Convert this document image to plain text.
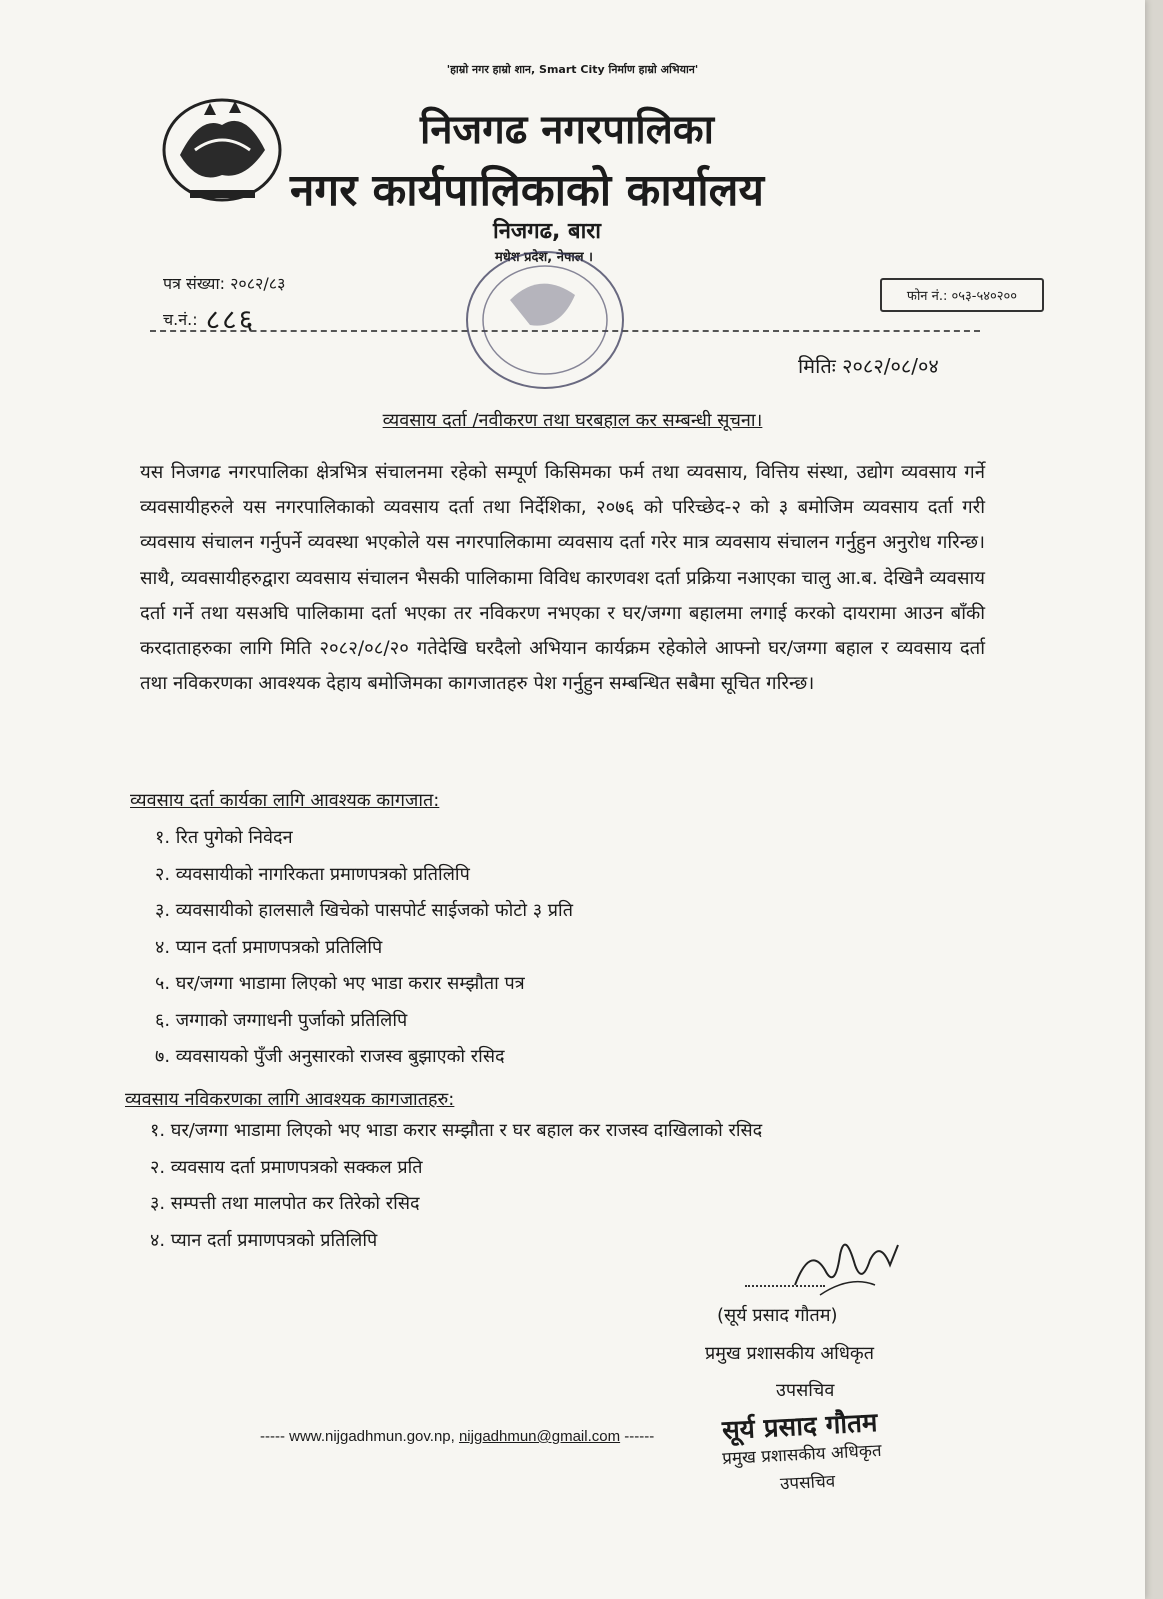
'हाम्रो नगर हाम्रो शान, Smart City निर्माण हाम्रो अभियान'
निजगढ नगरपालिका
नगर कार्यपालिकाको कार्यालय
निजगढ, बारा
मधेश प्रदेश, नेपाल ।
पत्र संख्या: २०८२/८३
च.नं.: ८८६
फोन नं.: ०५३-५४०२००
मितिः २०८२/०८/०४
व्यवसाय दर्ता /नवीकरण तथा घरबहाल कर सम्बन्धी सूचना।
यस निजगढ नगरपालिका क्षेत्रभित्र संचालनमा रहेको सम्पूर्ण किसिमका फर्म तथा व्यवसाय, वित्तिय संस्था, उद्योग व्यवसाय गर्ने व्यवसायीहरुले यस नगरपालिकाको व्यवसाय दर्ता तथा निर्देशिका, २०७६ को परिच्छेद-२ को ३ बमोजिम व्यवसाय दर्ता गरी व्यवसाय संचालन गर्नुपर्ने व्यवस्था भएकोले यस नगरपालिकामा व्यवसाय दर्ता गरेर मात्र व्यवसाय संचालन गर्नुहुन अनुरोध गरिन्छ। साथै, व्यवसायीहरुद्वारा व्यवसाय संचालन भैसकी पालिकामा विविध कारणवश दर्ता प्रक्रिया नआएका चालु आ.ब. देखिनै व्यवसाय दर्ता गर्ने तथा यसअघि पालिकामा दर्ता भएका तर नविकरण नभएका र घर/जग्गा बहालमा लगाई करको दायरामा आउन बाँकी करदाताहरुका लागि मिति २०८२/०८/२० गतेदेखि घरदैलो अभियान कार्यक्रम रहेकोले आफ्नो घर/जग्गा बहाल र व्यवसाय दर्ता तथा नविकरणका आवश्यक देहाय बमोजिमका कागजातहरु पेश गर्नुहुन सम्बन्धित सबैमा सूचित गरिन्छ।
व्यवसाय दर्ता कार्यका लागि आवश्यक कागजात:
१. रित पुगेको निवेदन
२. व्यवसायीको नागरिकता प्रमाणपत्रको प्रतिलिपि
३. व्यवसायीको हालसालै खिचेको पासपोर्ट साईजको फोटो ३ प्रति
४. प्यान दर्ता प्रमाणपत्रको प्रतिलिपि
५. घर/जग्गा भाडामा लिएको भए भाडा करार सम्झौता पत्र
६. जग्गाको जग्गाधनी पुर्जाको प्रतिलिपि
७. व्यवसायको पुँजी अनुसारको राजस्व बुझाएको रसिद
व्यवसाय नविकरणका लागि आवश्यक कागजातहरु:
१. घर/जग्गा भाडामा लिएको भए भाडा करार सम्झौता र घर बहाल कर राजस्व दाखिलाको रसिद
२. व्यवसाय दर्ता प्रमाणपत्रको सक्कल प्रति
३. सम्पत्ती तथा मालपोत कर तिरेको रसिद
४. प्यान दर्ता प्रमाणपत्रको प्रतिलिपि
(सूर्य प्रसाद गौतम)
प्रमुख प्रशासकीय अधिकृत
उपसचिव
----- www.nijgadhmun.gov.np, nijgadhmun@gmail.com ------	सूर्य प्रसाद गौतम
प्रमुख प्रशासकीय अधिकृत
उपसचिव
